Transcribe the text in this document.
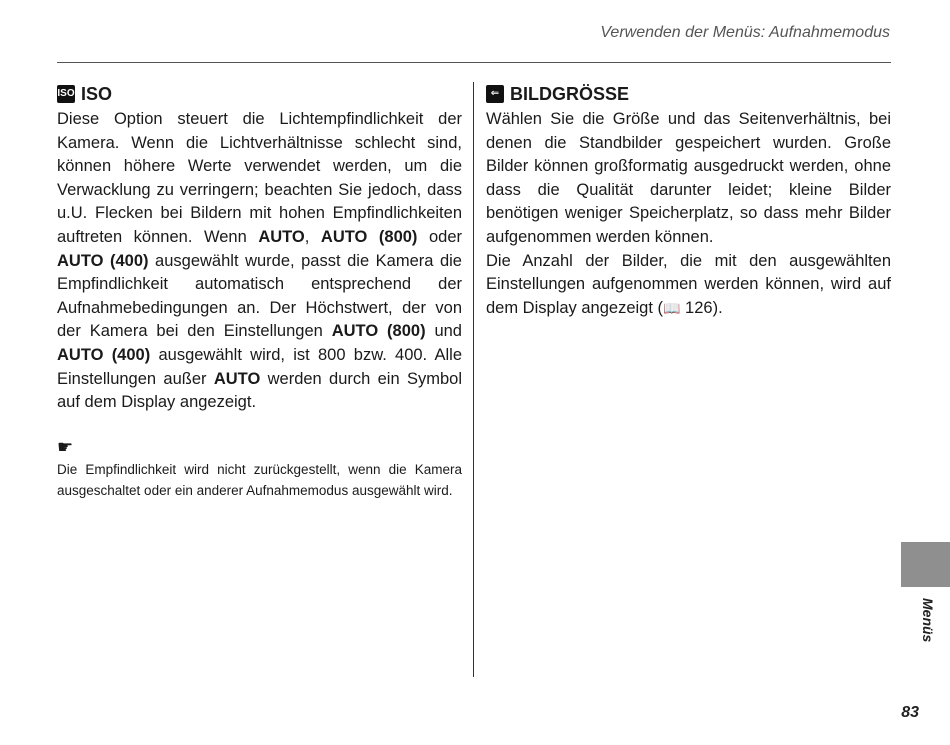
Verwenden der Menüs: Aufnahmemodus
ISO ISO

Diese Option steuert die Lichtempfindlichkeit der Kamera. Wenn die Lichtverhältnisse schlecht sind, können höhere Werte verwendet werden, um die Verwacklung zu verringern; beachten Sie jedoch, dass u.U. Flecken bei Bildern mit hohen Empfindlichkeiten auftreten können. Wenn AUTO, AUTO (800) oder AUTO (400) ausgewählt wurde, passt die Kamera die Empfindlichkeit automatisch entsprechend der Aufnahmebedingungen an. Der Höchstwert, der von der Kamera bei den Einstellungen AUTO (800) und AUTO (400) ausgewählt wird, ist 800 bzw. 400. Alle Einstellungen außer AUTO werden durch ein Symbol auf dem Display angezeigt.

☛

Die Empfindlichkeit wird nicht zurückgestellt, wenn die Kamera ausgeschaltet oder ein anderer Aufnahmemodus ausgewählt wird.

⇐ BILDGRÖSSE

Wählen Sie die Größe und das Seitenverhältnis, bei denen die Standbilder gespeichert wurden. Große Bilder können großformatig ausgedruckt werden, ohne dass die Qualität darunter leidet; kleine Bilder benötigen weniger Speicherplatz, so dass mehr Bilder aufgenommen werden können.

Die Anzahl der Bilder, die mit den ausgewählten Einstellungen aufgenommen werden können, wird auf dem Display angezeigt (📖 126).

Menüs
83
